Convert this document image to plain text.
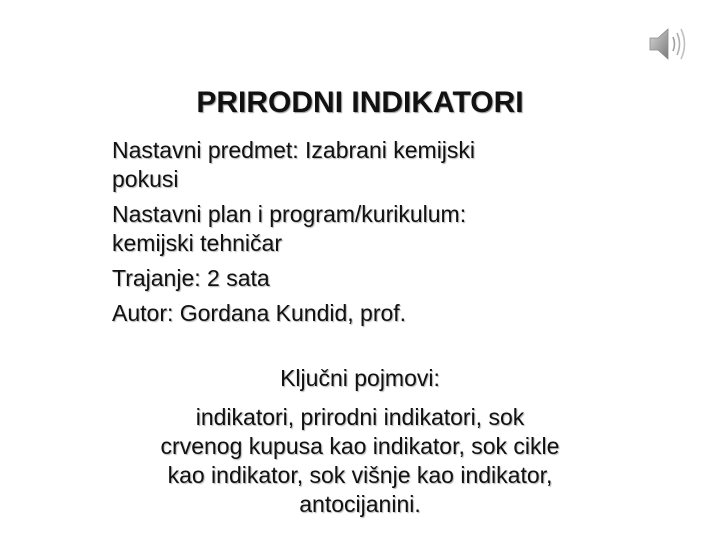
PRIRODNI INDIKATORI

Nastavni predmet: Izabrani kemijski

pokusi

Nastavni plan i program/kurikulum:

kemijski tehničar

Trajanje: 2 sata

Autor: Gordana Kundid, prof.

Ključni pojmovi:
indikatori, prirodni indikatori, sok
crvenog kupusa kao indikator, sok cikle
kao indikator, sok višnje kao indikator,
antocijanini.
